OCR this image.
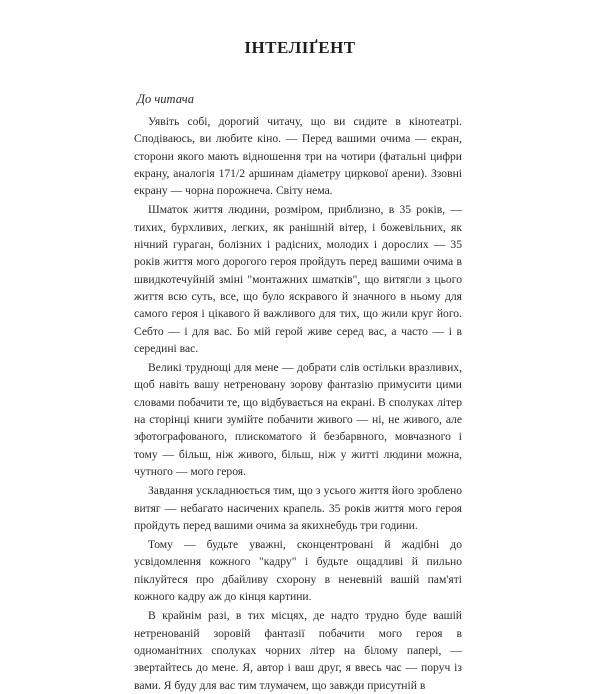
ІНТЕЛІҐЕНТ

До читача

Уявіть собі, дорогий читачу, що ви сидите в кінотеатрі. Сподіваюсь, ви любите кіно. — Перед вашими очима — екран, сторони якого мають відношення три на чотири (фатальні цифри екрану, аналогія 171/2 аршинам діаметру циркової арени). Ззовні екрану — чорна порожнеча. Світу нема.

Шматок життя людини, розміром, приблизно, в 35 років, — тихих, бурхливих, легких, як ранішній вітер, і божевільних, як нічний гураган, болізних і радісних, молодих і дорослих — 35 років життя мого дорогого героя пройдуть перед вашими очима в швидкотечуйній зміні "монтажних шматків", що витягли з цього життя всю суть, все, що було яскравого й значного в ньому для самого героя і цікавого й важливого для тих, що жили круг його. Себто — і для вас. Бо мій герой живе серед вас, а часто — і в середині вас.

Великі труднощі для мене — добрати слів остільки вразливих, щоб навіть вашу нетреновану зорову фантазію примусити цими словами побачити те, що відбувається на екрані. В сполуках літер на сторінці книги зумійте побачити живого — ні, не живого, але зфотографованого, плискоматого й безбарвного, мовчазного і тому — більш, ніж живого, більш, ніж у житті людини можна, чутного — мого героя.

Завдання ускладнюється тим, що з усього життя його зроблено витяг — небагато насичених крапель. 35 років життя мого героя пройдуть перед вашими очима за якихнебудь три години.

Тому — будьте уважні, сконцентровані й жадібні до усвідомлення кожного "кадру" і будьте ощадливі й пильно піклуйтеся про дбайливу схорону в неневній вашій пам'яті кожного кадру аж до кінця картини.

В крайнім разі, в тих місцях, де надто трудно буде вашій нетренованій зоровій фантазії побачити мого героя в одноманітних сполуках чорних літер на білому папері, — звертайтесь до мене. Я, автор і ваш друг, я ввесь час — поруч із вами. Я буду для вас тим тлумачем, що завжди присутній в
